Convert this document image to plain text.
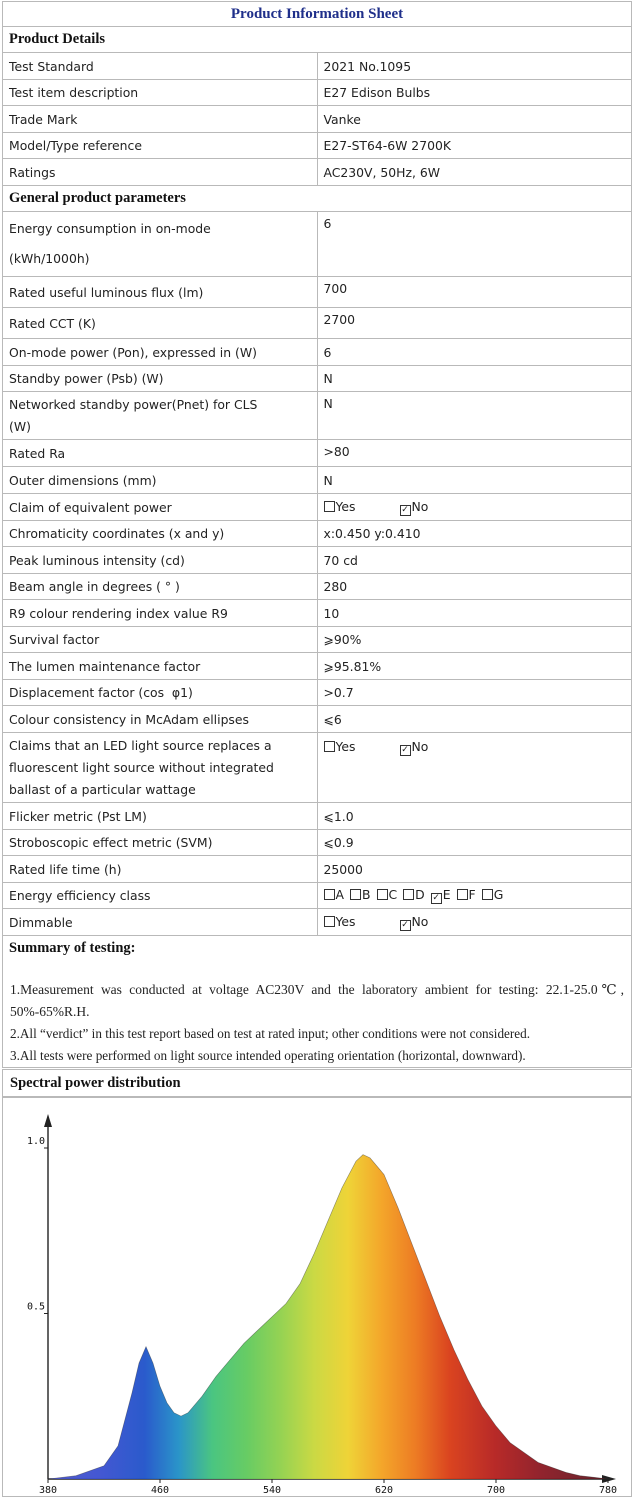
Product Information Sheet	
Product Details	
Test Standard	2021 No.1095
Test item description	E27 Edison Bulbs
Trade Mark	Vanke
Model/Type reference	E27-ST64-6W 2700K
Ratings	AC230V, 50Hz, 6W
General product parameters	
Energy consumption in on-mode
(kWh/1000h)	6
Rated useful luminous flux (lm)	700
Rated CCT (K)	2700
On-mode power (Pon), expressed in (W)	6
Standby power (Psb) (W)	N
Networked standby power(Pnet) for CLS
(W)	N
Rated Ra	>80
Outer dimensions (mm)	N
Claim of equivalent power	Yes ✓ No
Chromaticity coordinates (x and y)	x:0.450 y:0.410
Peak luminous intensity (cd)	70 cd
Beam angle in degrees ( ° )	280
R9 colour rendering index value R9	10
Survival factor	⩾90%
The lumen maintenance factor	⩾95.81%
Displacement factor (cos  φ1)	>0.7
Colour consistency in McAdam ellipses	⩽6
Claims that an LED light source replaces a
fluorescent light source without integrated
ballast of a particular wattage	Yes ✓ No
Flicker metric (Pst LM)	⩽1.0
Stroboscopic effect metric (SVM)	⩽0.9
Rated life time (h)	25000
Energy efficiency class	A B C D ✓ E F G
Dimmable	Yes ✓ No
Summary of testing:

1.Measurement was conducted at voltage AC230V and the laboratory ambient for testing: 22.1-25.0℃, 50%-65%R.H.

2.All “verdict” in this test report based on test at rated input; other conditions were not considered.

3.All tests were performed on light source intended operating orientation (horizontal, downward).

Spectral power distribution
380	460	540	620	700	780
1.0
0.5
